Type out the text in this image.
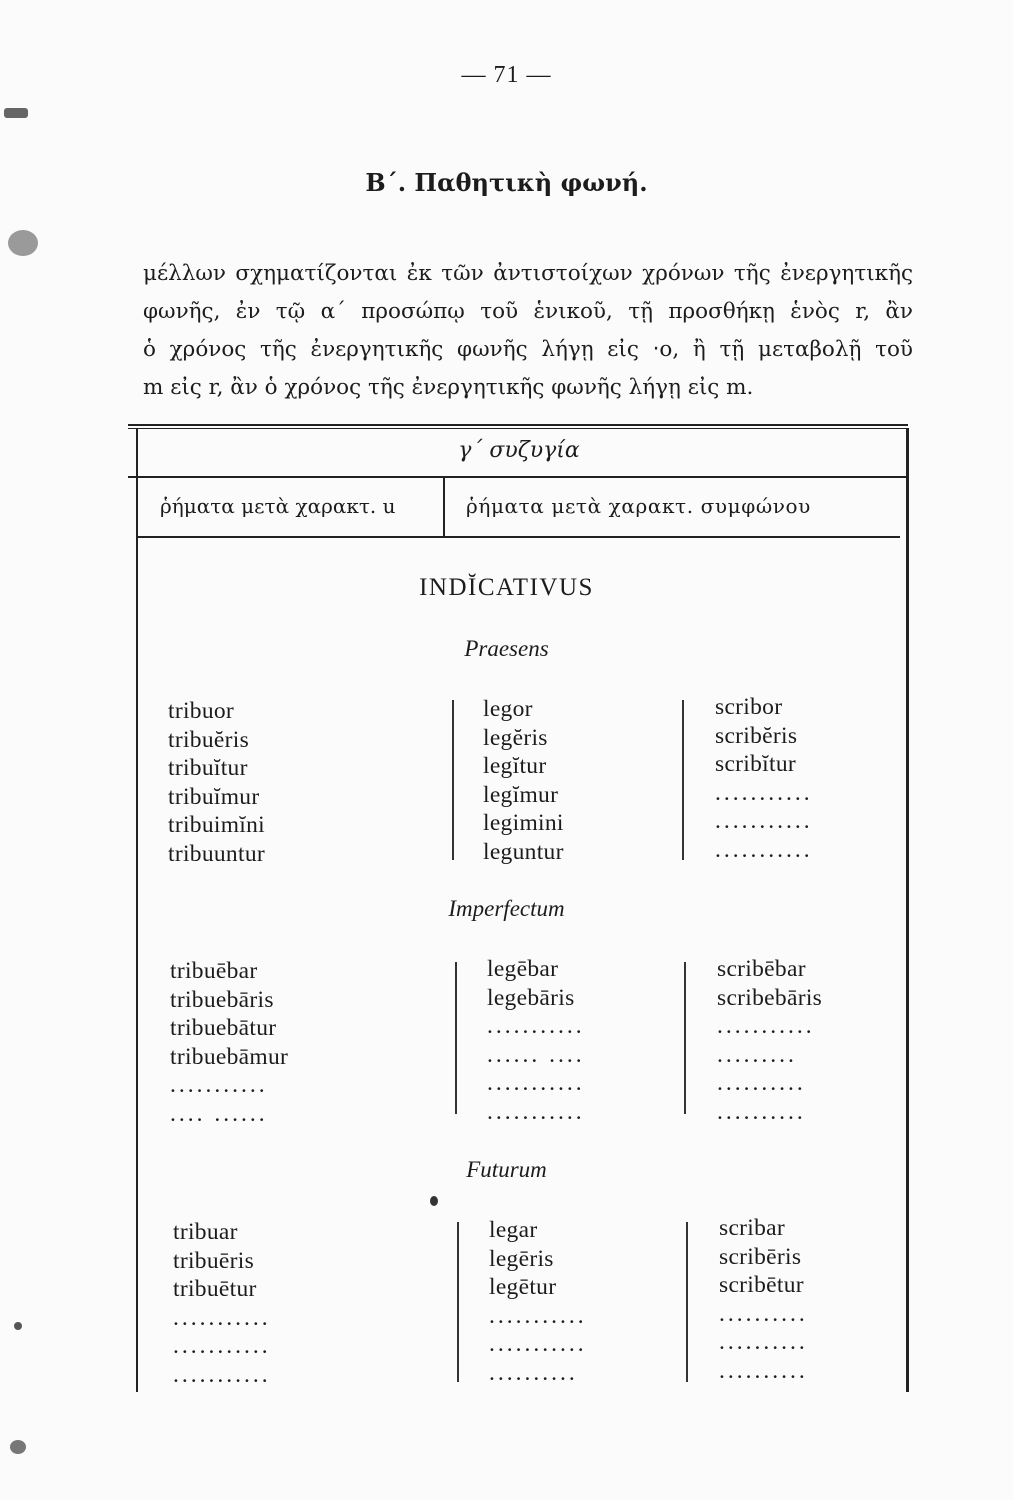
— 71 —
Β΄. Παθητικὴ φωνή.
μέλλων σχηματίζονται ἐκ τῶν ἀντιστοίχων χρόνων τῆς ἐνεργητικῆς
φωνῆς, ἐν τῷ α΄ προσώπῳ τοῦ ἑνικοῦ, τῇ προσθήκῃ ἑνὸς r, ἂν
ὁ χρόνος τῆς ἐνεργητικῆς φωνῆς λήγῃ εἰς ‧o, ἢ τῇ μεταβολῇ τοῦ
m εἰς r, ἂν ὁ χρόνος τῆς ἐνεργητικῆς φωνῆς λήγῃ εἰς m.
γ΄ συζυγία
ῥήματα μετὰ χαρακτ. u	ῥήματα μετὰ χαρακτ. συμφώνου
INDĬCATIVUS
Praesens
tribuor
tribuĕris
tribuĭtur
tribuĭmur
tribuimĭni
tribuuntur
legor
legĕris
legĭtur
legĭmur
legimini
leguntur
scribor
scribĕris
scribĭtur
...........
...........
...........
Imperfectum
tribuēbar
tribuebāris
tribuebātur
tribuebāmur
...........
.... ......
legēbar
legebāris
...........
...... ....
...........
...........
scribēbar
scribebāris
...........
.........
..........
..........
Futurum
tribuar
tribuēris
tribuētur
...........
...........
...........
legar
legēris
legētur
...........
...........
..........
scribar
scribēris
scribētur
..........
..........
..........
